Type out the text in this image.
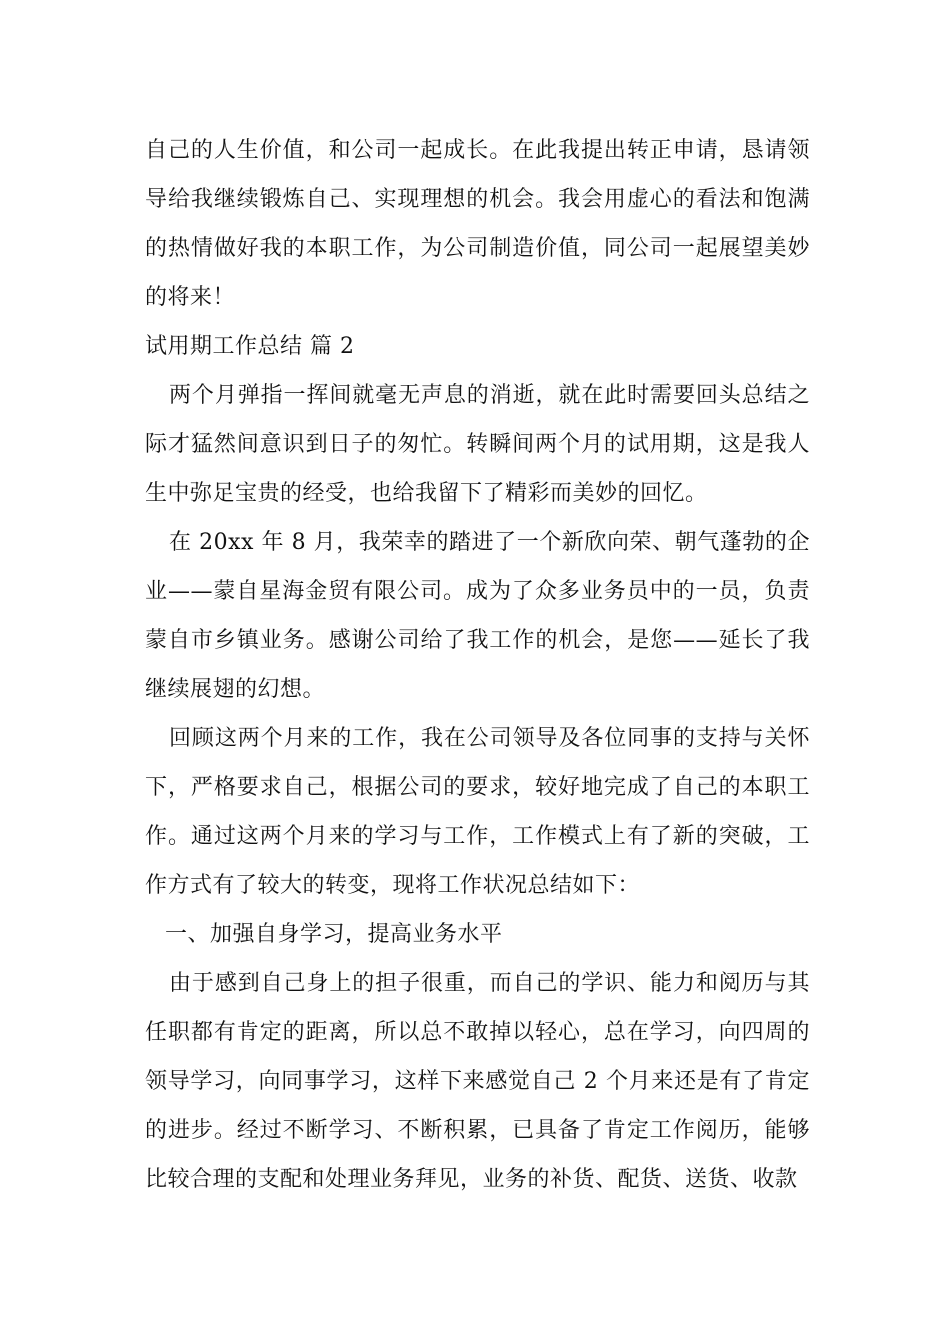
自己的人生价值，和公司一起成长。在此我提出转正申请，恳请领导给我继续锻炼自己、实现理想的机会。我会用虚心的看法和饱满的热情做好我的本职工作，为公司制造价值，同公司一起展望美妙的将来！

试用期工作总结 篇 2

两个月弹指一挥间就毫无声息的消逝，就在此时需要回头总结之际才猛然间意识到日子的匆忙。转瞬间两个月的试用期，这是我人生中弥足宝贵的经受，也给我留下了精彩而美妙的回忆。

在 20xx 年 8 月，我荣幸的踏进了一个新欣向荣、朝气蓬勃的企业——蒙自星海金贸有限公司。成为了众多业务员中的一员，负责蒙自市乡镇业务。感谢公司给了我工作的机会，是您——延长了我继续展翅的幻想。

回顾这两个月来的工作，我在公司领导及各位同事的支持与关怀下，严格要求自己，根据公司的要求，较好地完成了自己的本职工作。通过这两个月来的学习与工作，工作模式上有了新的突破，工作方式有了较大的转变，现将工作状况总结如下：

一、加强自身学习，提高业务水平

由于感到自己身上的担子很重，而自己的学识、能力和阅历与其任职都有肯定的距离，所以总不敢掉以轻心，总在学习，向四周的领导学习，向同事学习，这样下来感觉自己 2 个月来还是有了肯定的进步。经过不断学习、不断积累，已具备了肯定工作阅历，能够比较合理的支配和处理业务拜见，业务的补货、配货、送货、收款
